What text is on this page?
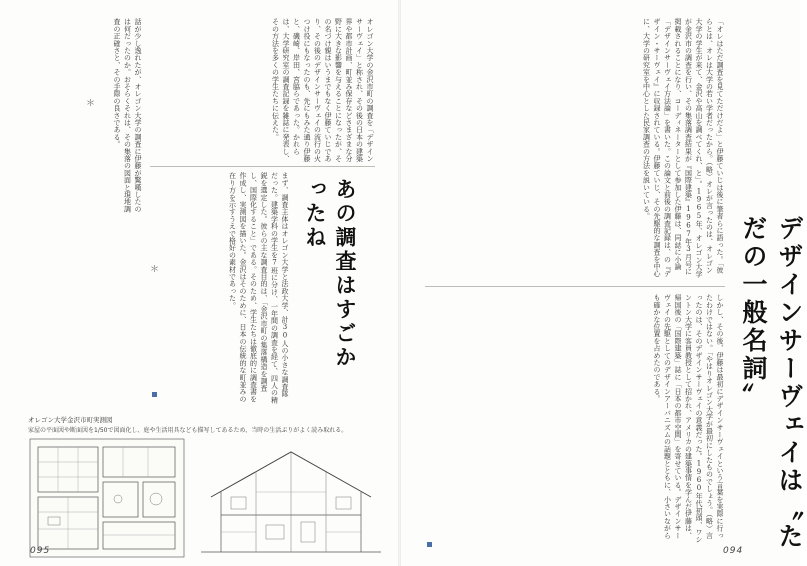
デザインサーヴェイは〝ただの一般名詞〟
「オレはただ調査を見てただけだよ」と伊藤ていじは後に筆者らに語った。「彼らとは、オレは大学の若い学者だったから。（略）オレが言ったのは、オレゴン大学の学生が来て、金沢や高山を調べてくれ、と」。1965年、オレゴン大学が金沢市の調査を行い、その集落調査結果が『国際建築』1967年3月号に掲載されることになり、コーディネーターとして参加した伊藤は、同誌に小論「デザインサーヴェイ方法論」を書いた。この論文と前後の調査記録は、の『デザイン・サーヴェイ』に収録されている。伊藤ていじ、その先駆的な調査を中心に、大学の研究室を中心とした民家調査の方法を説いている。
しかし、その後、伊藤は最初にデザインサーヴェイという言葉を実際に行ったわけではない。「やはりオレゴン大学が最初にしたものでしょう。（略）言ったのは、そのデザインサーヴェイの意義だった。1960年代初頭、ワシントン大学に客員教授として招かれ、アメリカの建築事情を学んだ伊藤は、帰国後の「国際建築」誌に「日本の都市空間」を寄せている。デザインサーヴェイの先駆としてのデザインアーバニズムの話題とともに、小さいながらも確かな位置を占めたのである。
094
あの調査はすごかったね
オレゴン大学の金沢市町の調査を「デザインサーヴェイ」と称され、その後の日本の建築界や都市計画、町並み保存などさまざまな分野に大きな影響を与えることになったが、その名づけ親はいうまでもなく伊藤ていじであり、その後のデザインサーヴェイの流行の火つけ役にもなったのも、先にもみた通り伊藤と、磯崎、岸田、宮脇らであった。かれらは、大学研究室の調査記録を雑誌に発表し、その方法を多くの学生たちに伝えた。
話が少し逸れたが、オレゴン大学の調査に伊藤が驚嘆したのは何だったのか。おそらくそれは、その集落の図面と現地調査の正確さと、その手際の良さである。
＊
まず、調査主体はオレゴン大学と法政大学、計30人の小さな調査隊だった。建築学科の学生を7班に分け、一年間の調査を経て、四人の精鋭を選定した。彼らの主な調査目的は、「金沢市町の集落構造を調査し、国際化すること」である。そのため、学生たちは徹底的に調査書を作成し、実測図を描いた。金沢はそのために、日本の伝統的な町並みの在り方を示すうえで格好の素材であった。
＊
オレゴン大学金沢市町実測図
家屋の平面図や断面図を1/50で図面化し、庭や生活用具なども描写してあるため、当時の生活ぶりがよく読み取れる。
095
